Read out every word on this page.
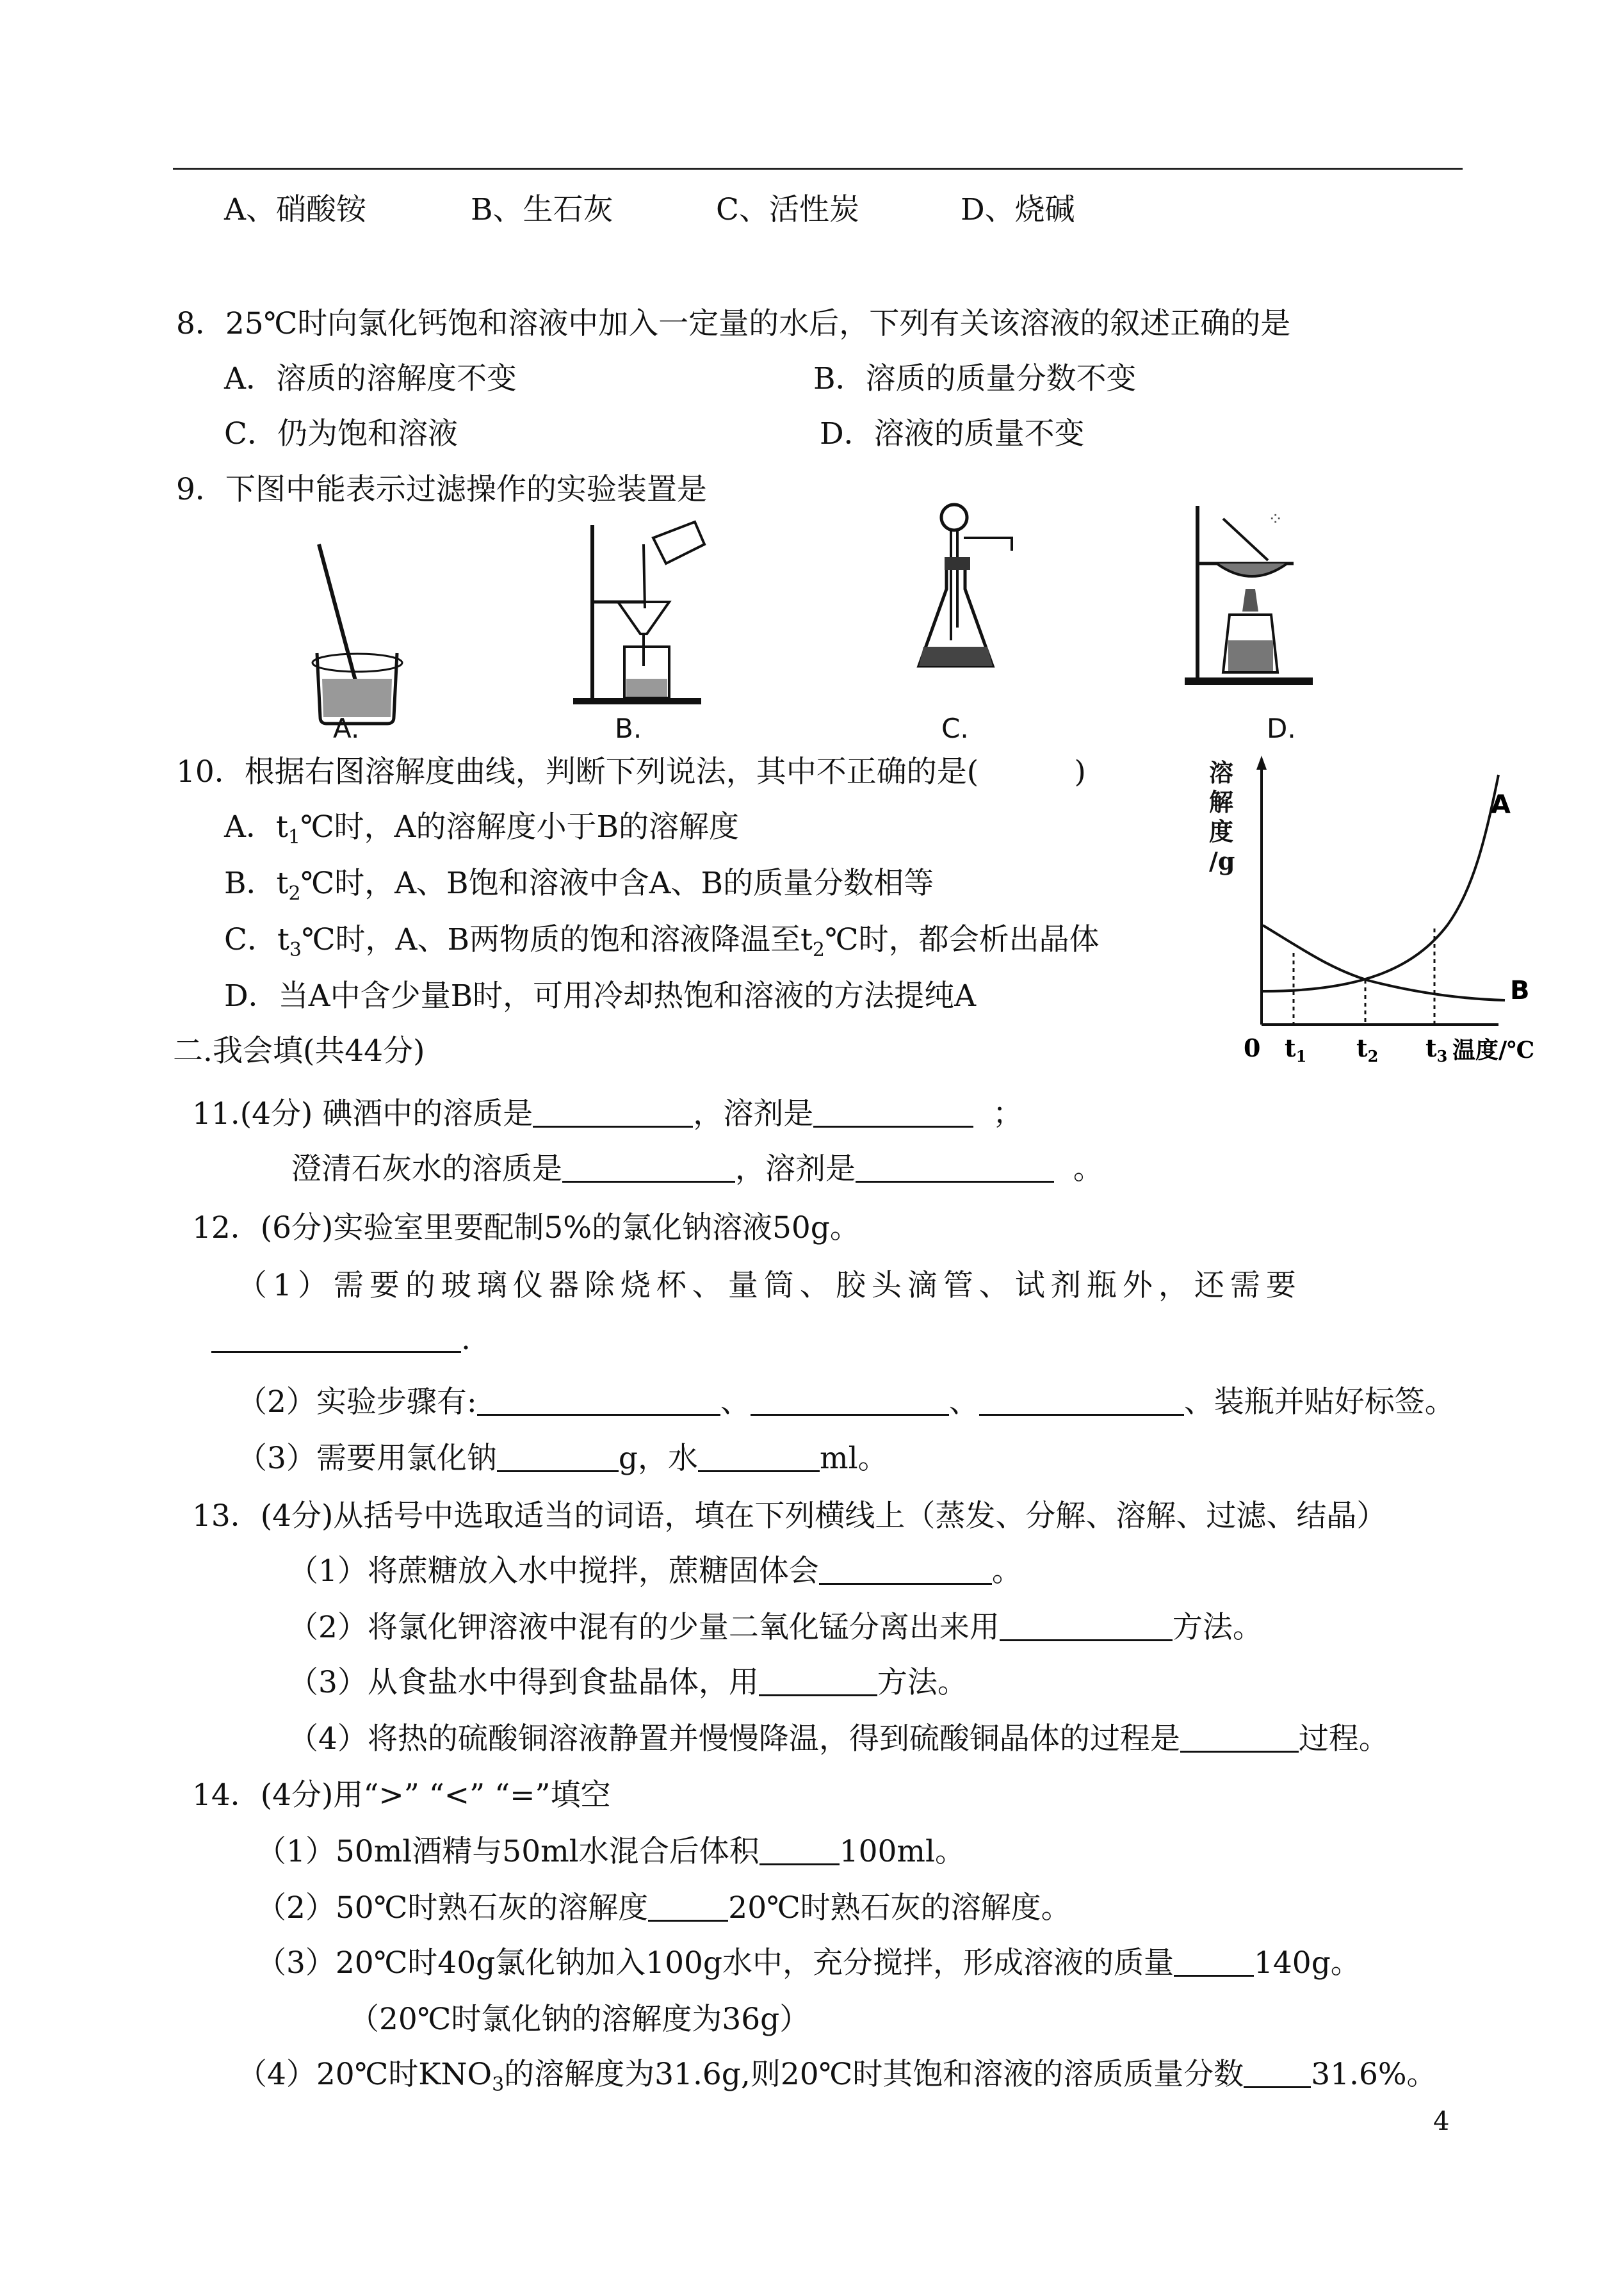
A、硝酸铵	B、生石灰	C、活性炭	D、烧碱
8．25℃时向氯化钙饱和溶液中加入一定量的水后，下列有关该溶液的叙述正确的是
A．溶质的溶解度不变	B．溶质的质量分数不变
C．仍为饱和溶液	D．溶液的质量不变
9．下图中能表示过滤操作的实验装置是
A.	B.	C.
⁘
D.
10．根据右图溶解度曲线，判断下列说法，其中不正确的是(          )
A．$t_1℃$时，A的溶解度小于B的溶解度
B．$t_2℃$时，A、B饱和溶液中含A、B的质量分数相等
C．$t_3℃$时，A、B两物质的饱和溶液降温至$t_2℃$时，都会析出晶体
D．当A中含少量B时，可用冷却热饱和溶液的方法提纯A
溶解度/g
A
B
0 $t_1$ $t_2$ $t_3$ 温度/℃
二.我会填(共44分)
11.(4分) 碘酒中的溶质是	，溶剂是	；
澄清石灰水的溶质是	，溶剂是	。
12．(6分)实验室里要配制5%的氯化钠溶液50g。
（1）需要的玻璃仪器除烧杯、量筒、胶头滴管、试剂瓶外，还需要
.
（2）实验步骤有:	、	、	、装瓶并贴好标签。
（3）需要用氯化钠	g，水	ml。
13．(4分)从括号中选取适当的词语，填在下列横线上（蒸发、分解、溶解、过滤、结晶）
（1）将蔗糖放入水中搅拌，蔗糖固体会	。
（2）将氯化钾溶液中混有的少量二氧化锰分离出来用	方法。
（3）从食盐水中得到食盐晶体，用	方法。
（4）将热的硫酸铜溶液静置并慢慢降温，得到硫酸铜晶体的过程是	过程。
14．(4分)用“>” “<” “=”填空
（1）50ml酒精与50ml水混合后体积	100ml。
（2）50℃时熟石灰的溶解度	20℃时熟石灰的溶解度。
（3）20℃时40g氯化钠加入100g水中，充分搅拌，形成溶液的质量	140g。
（20℃时氯化钠的溶解度为36g）
（4）20℃时$KNO_3$的溶解度为31.6g,则20℃时其饱和溶液的溶质质量分数 31.6%。
4
